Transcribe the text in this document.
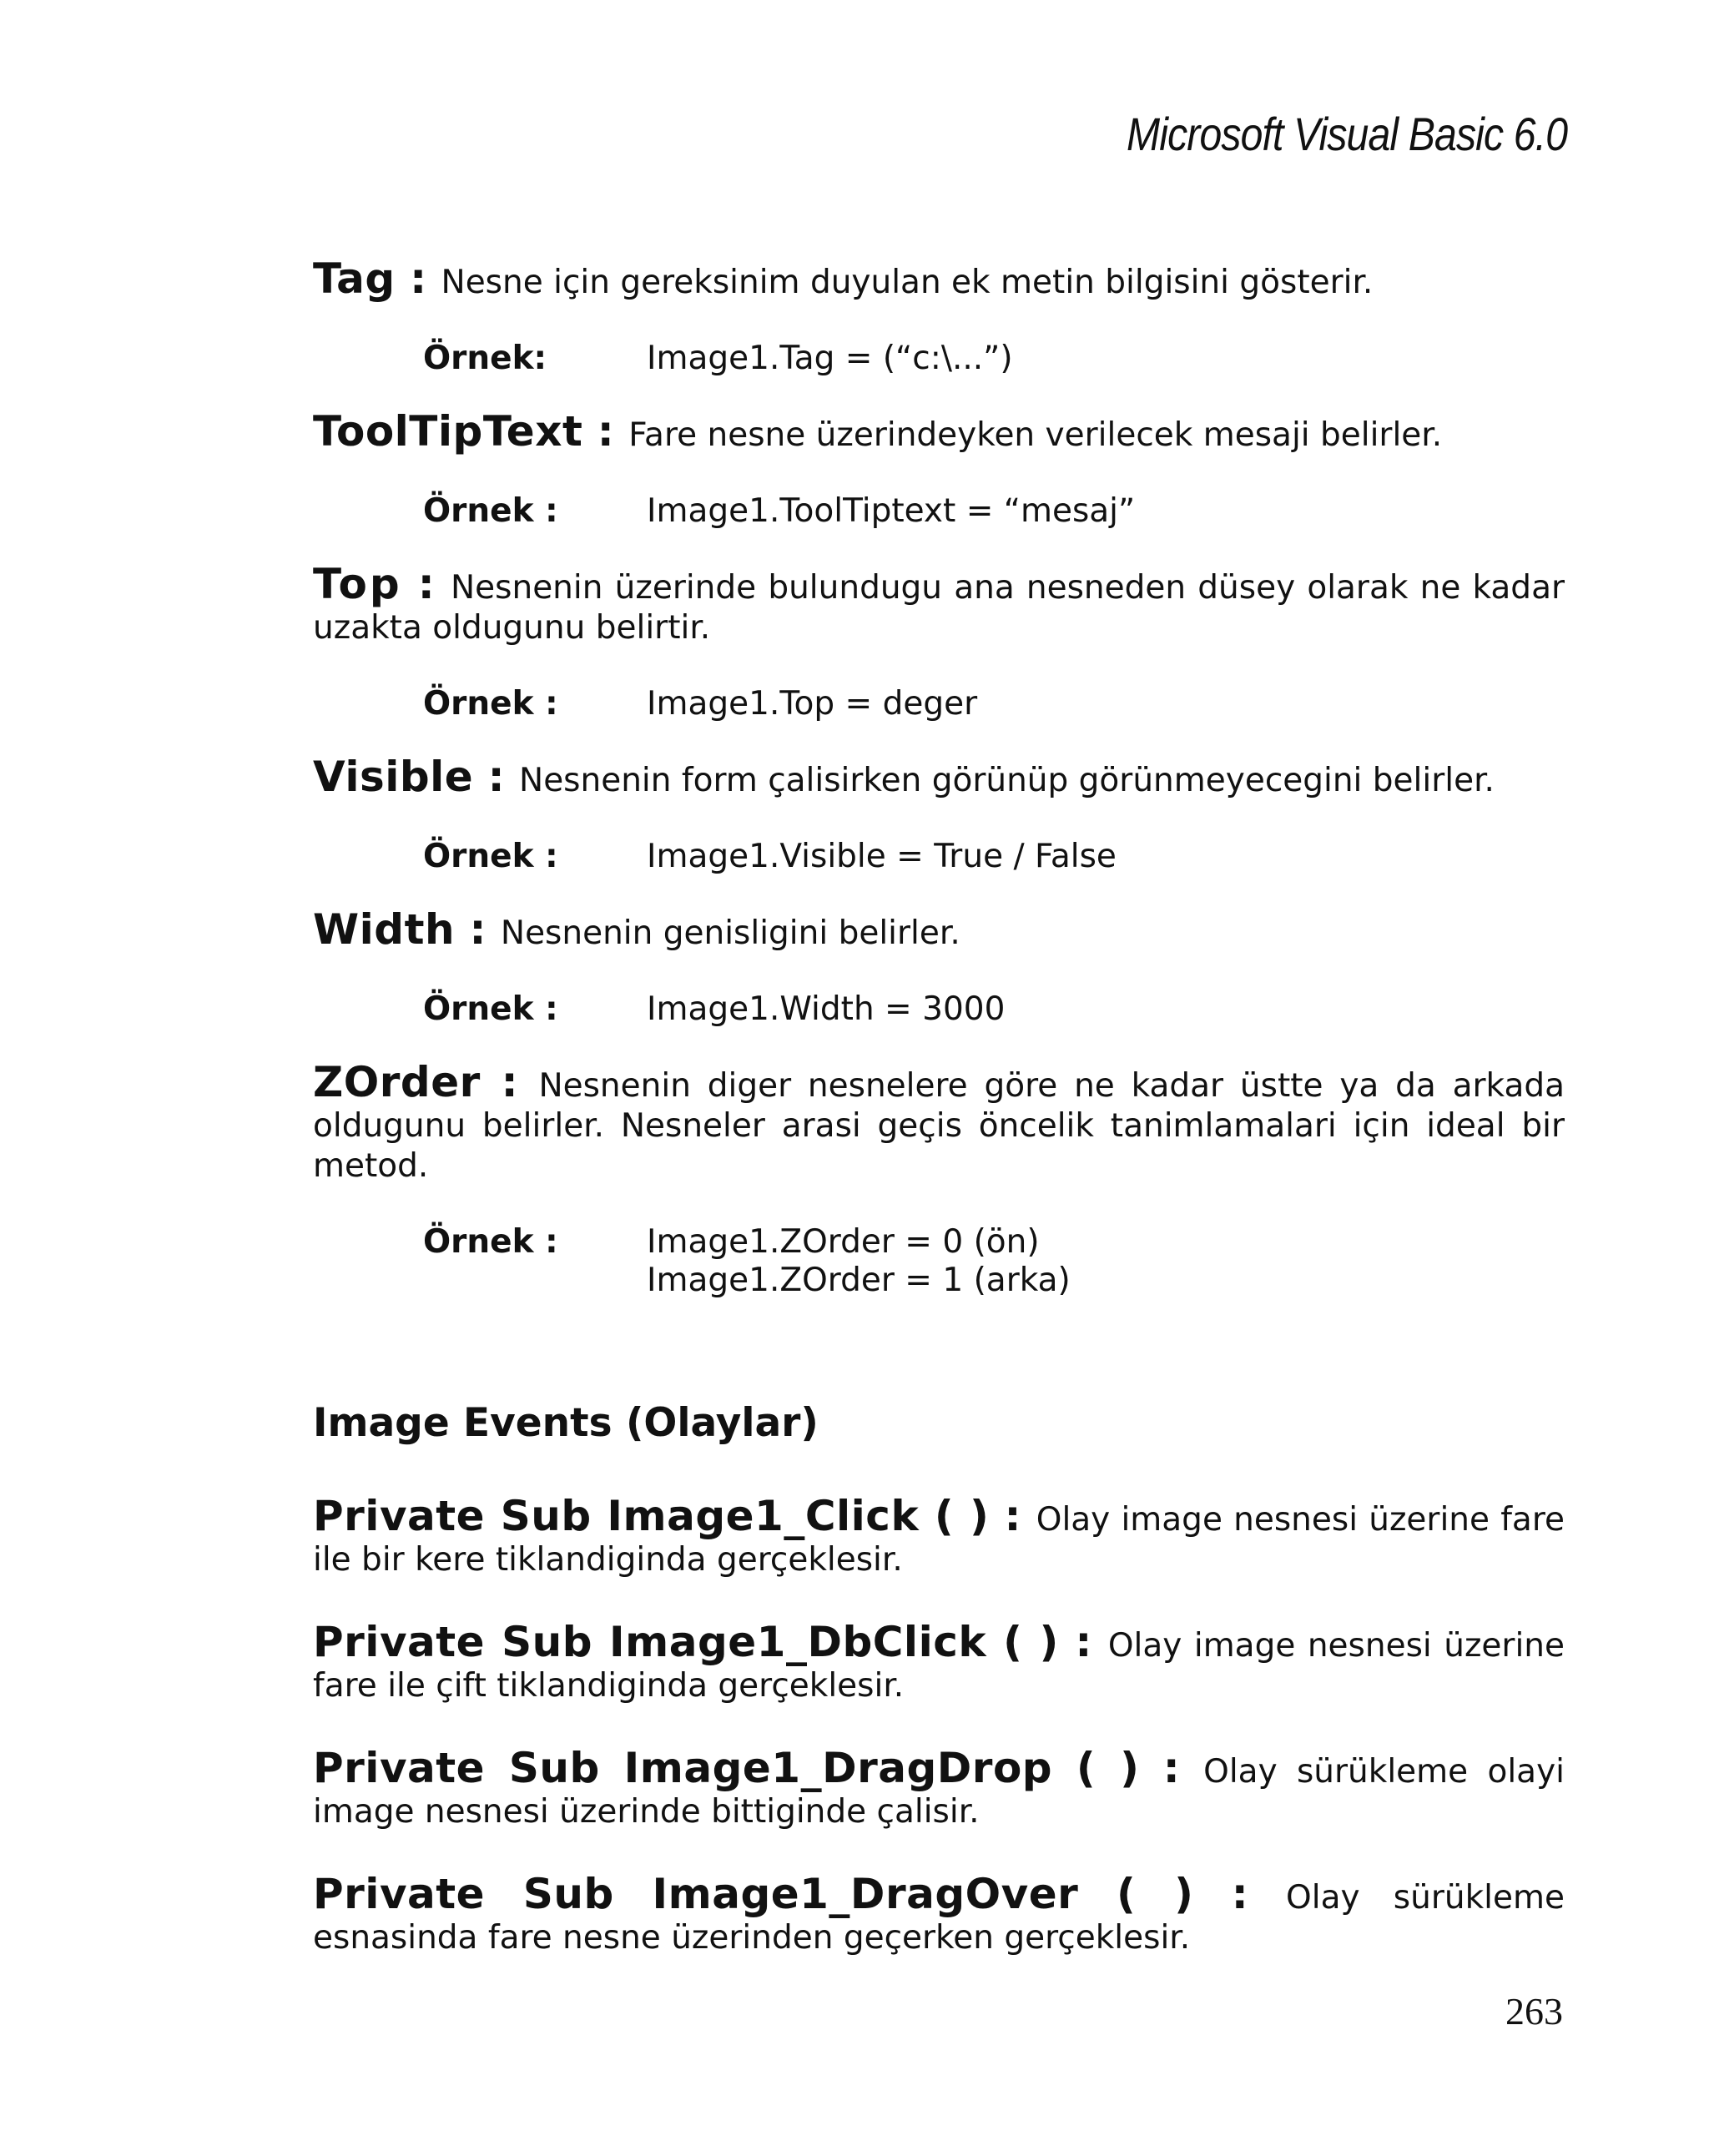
Microsoft Visual Basic 6.0

Tag : Nesne için gereksinim duyulan ek metin bilgisini gösterir.

Örnek:	Image1.Tag = (“c:\...”)

ToolTipText : Fare nesne üzerindeyken verilecek mesaji belirler.

Örnek :	Image1.ToolTiptext = “mesaj”

Top : Nesnenin üzerinde bulundugu ana nesneden düsey olarak ne kadar uzakta oldugunu belirtir.

Örnek :	Image1.Top = deger

Visible : Nesnenin form çalisirken görünüp görünmeyecegini belirler.

Örnek :	Image1.Visible = True / False

Width : Nesnenin genisligini belirler.

Örnek :	Image1.Width = 3000

ZOrder : Nesnenin diger nesnelere göre ne kadar üstte ya da arkada oldugunu belirler. Nesneler arasi geçis öncelik tanimlamalari için ideal bir metod.

Örnek :	Image1.ZOrder = 0 (ön)
Image1.ZOrder = 1 (arka)
Image Events (Olaylar)

Private Sub Image1_Click ( ) : Olay image nesnesi üzerine fare ile bir kere tiklandiginda gerçeklesir.

Private Sub Image1_DbClick ( ) : Olay image nesnesi üzerine fare ile çift tiklandiginda gerçeklesir.

Private Sub Image1_DragDrop ( ) : Olay sürükleme olayi image nesnesi üzerinde bittiginde çalisir.

Private Sub Image1_DragOver ( ) : Olay sürükleme esnasinda fare nesne üzerinden geçerken gerçeklesir.

263
